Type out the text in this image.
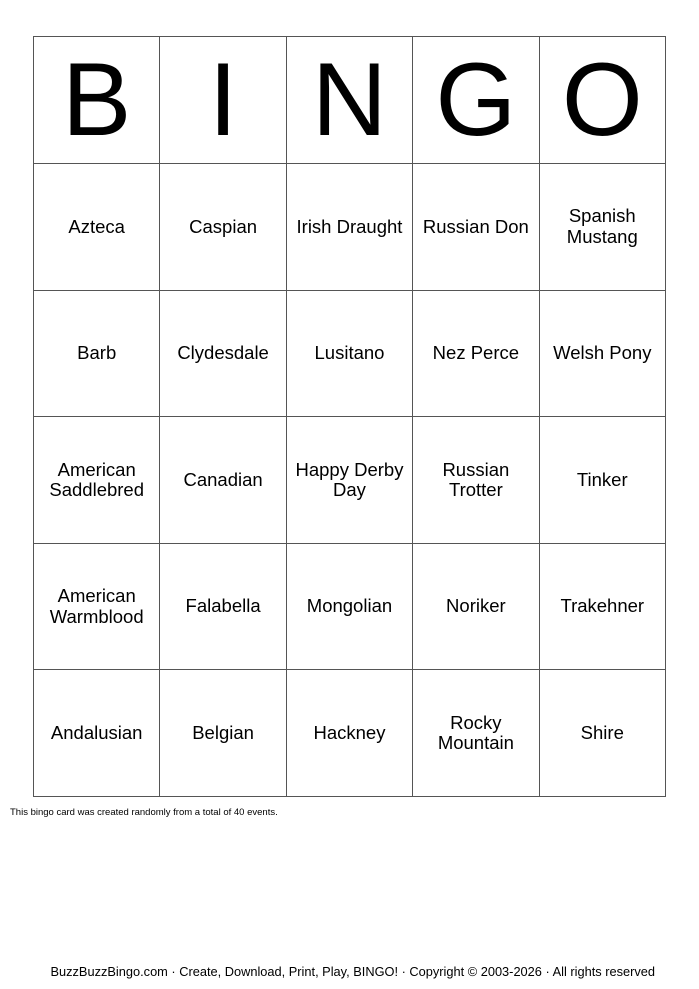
B	I	N	G	O
Azteca	Caspian	Irish Draught	Russian Don	Spanish Mustang
Barb	Clydesdale	Lusitano	Nez Perce	Welsh Pony
American Saddlebred	Canadian	Happy Derby Day	Russian Trotter	Tinker
American Warmblood	Falabella	Mongolian	Noriker	Trakehner
Andalusian	Belgian	Hackney	Rocky Mountain	Shire
This bingo card was created randomly from a total of 40 events.
BuzzBuzzBingo.com · Create, Download, Print, Play, BINGO! · Copyright © 2003-2026 · All rights reserved
